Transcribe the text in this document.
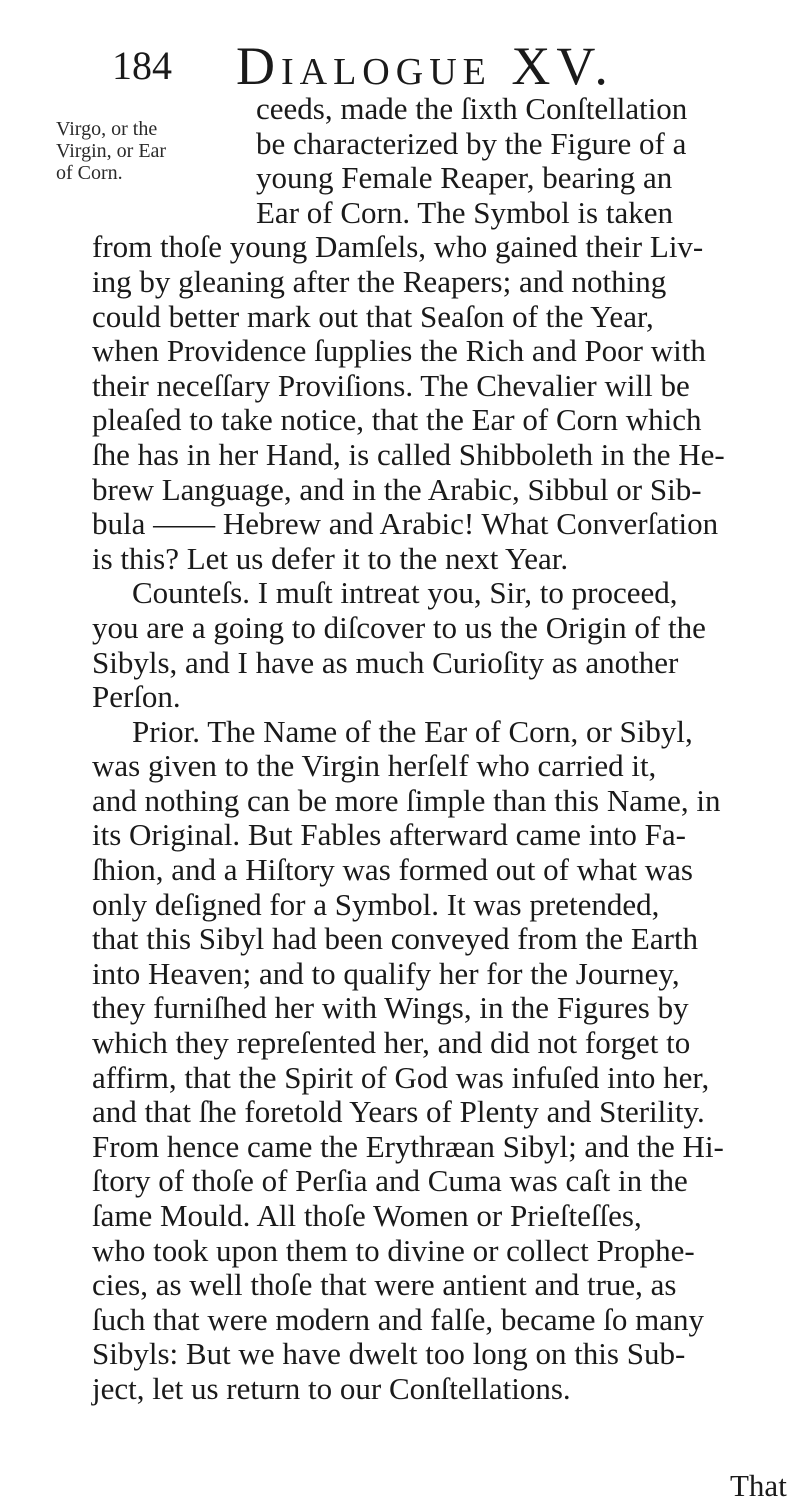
184 Dialogue XV.
Virgo, or the
Virgin, or Ear
of Corn.
ceeds, made the ſixth Conſtellation
be characterized by the Figure of a
young Female Reaper, bearing an
Ear of Corn. The Symbol is taken
from thoſe young Damſels, who gained their Liv-
ing by gleaning after the Reapers; and nothing
could better mark out that Seaſon of the Year,
when Providence ſupplies the Rich and Poor with
their neceſſary Proviſions. The Chevalier will be
pleaſed to take notice, that the Ear of Corn which
ſhe has in her Hand, is called Shibboleth in the He-
brew Language, and in the Arabic, Sibbul or Sib-
bula —— Hebrew and Arabic! What Converſation
is this? Let us defer it to the next Year.
Counteſs. I muſt intreat you, Sir, to proceed,
you are a going to diſcover to us the Origin of the
Sibyls, and I have as much Curioſity as another
Perſon.
Prior. The Name of the Ear of Corn, or Sibyl,
was given to the Virgin herſelf who carried it,
and nothing can be more ſimple than this Name, in
its Original. But Fables afterward came into Fa-
ſhion, and a Hiſtory was formed out of what was
only deſigned for a Symbol. It was pretended,
that this Sibyl had been conveyed from the Earth
into Heaven; and to qualify her for the Journey,
they furniſhed her with Wings, in the Figures by
which they repreſented her, and did not forget to
affirm, that the Spirit of God was infuſed into her,
and that ſhe foretold Years of Plenty and Sterility.
From hence came the Erythræan Sibyl; and the Hi-
ſtory of thoſe of Perſia and Cuma was caſt in the
ſame Mould. All thoſe Women or Prieſteſſes,
who took upon them to divine or collect Prophe-
cies, as well thoſe that were antient and true, as
ſuch that were modern and falſe, became ſo many
Sibyls: But we have dwelt too long on this Sub-
ject, let us return to our Conſtellations.
That
